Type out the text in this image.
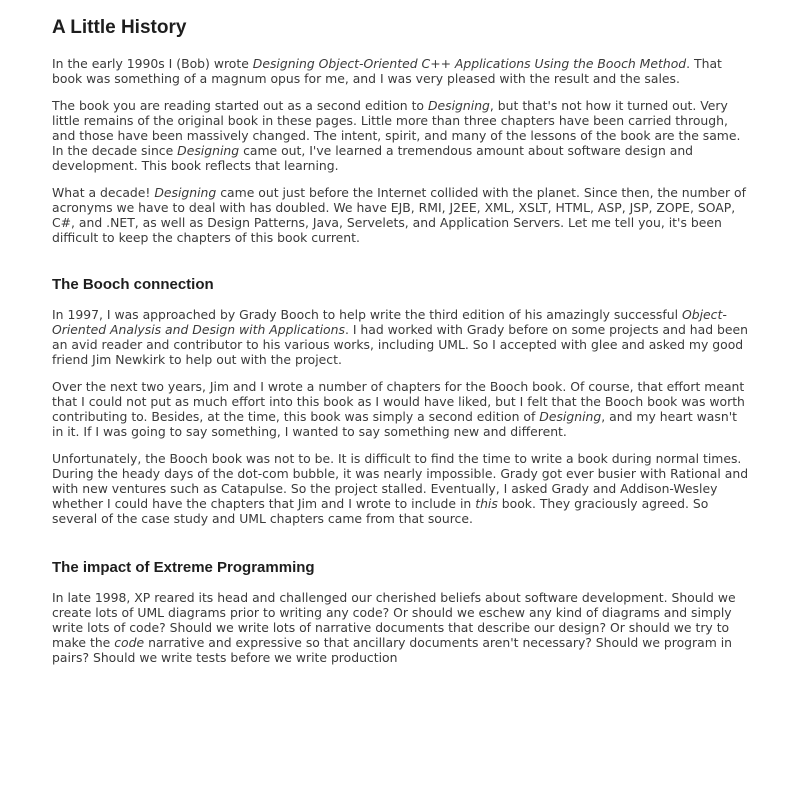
A Little History

In the early 1990s I (Bob) wrote Designing Object-Oriented C++ Applications Using the Booch Method. That book was something of a magnum opus for me, and I was very pleased with the result and the sales.

The book you are reading started out as a second edition to Designing, but that's not how it turned out. Very little remains of the original book in these pages. Little more than three chapters have been carried through, and those have been massively changed. The intent, spirit, and many of the lessons of the book are the same. In the decade since Designing came out, I've learned a tremendous amount about software design and development. This book reflects that learning.

What a decade! Designing came out just before the Internet collided with the planet. Since then, the number of acronyms we have to deal with has doubled. We have EJB, RMI, J2EE, XML, XSLT, HTML, ASP, JSP, ZOPE, SOAP, C#, and .NET, as well as Design Patterns, Java, Servelets, and Application Servers. Let me tell you, it's been difficult to keep the chapters of this book current.

The Booch connection

In 1997, I was approached by Grady Booch to help write the third edition of his amazingly successful Object-Oriented Analysis and Design with Applications. I had worked with Grady before on some projects and had been an avid reader and contributor to his various works, including UML. So I accepted with glee and asked my good friend Jim Newkirk to help out with the project.

Over the next two years, Jim and I wrote a number of chapters for the Booch book. Of course, that effort meant that I could not put as much effort into this book as I would have liked, but I felt that the Booch book was worth contributing to. Besides, at the time, this book was simply a second edition of Designing, and my heart wasn't in it. If I was going to say something, I wanted to say something new and different.

Unfortunately, the Booch book was not to be. It is difficult to find the time to write a book during normal times. During the heady days of the dot-com bubble, it was nearly impossible. Grady got ever busier with Rational and with new ventures such as Catapulse. So the project stalled. Eventually, I asked Grady and Addison-Wesley whether I could have the chapters that Jim and I wrote to include in this book. They graciously agreed. So several of the case study and UML chapters came from that source.

The impact of Extreme Programming

In late 1998, XP reared its head and challenged our cherished beliefs about software development. Should we create lots of UML diagrams prior to writing any code? Or should we eschew any kind of diagrams and simply write lots of code? Should we write lots of narrative documents that describe our design? Or should we try to make the code narrative and expressive so that ancillary documents aren't necessary? Should we program in pairs? Should we write tests before we write production
